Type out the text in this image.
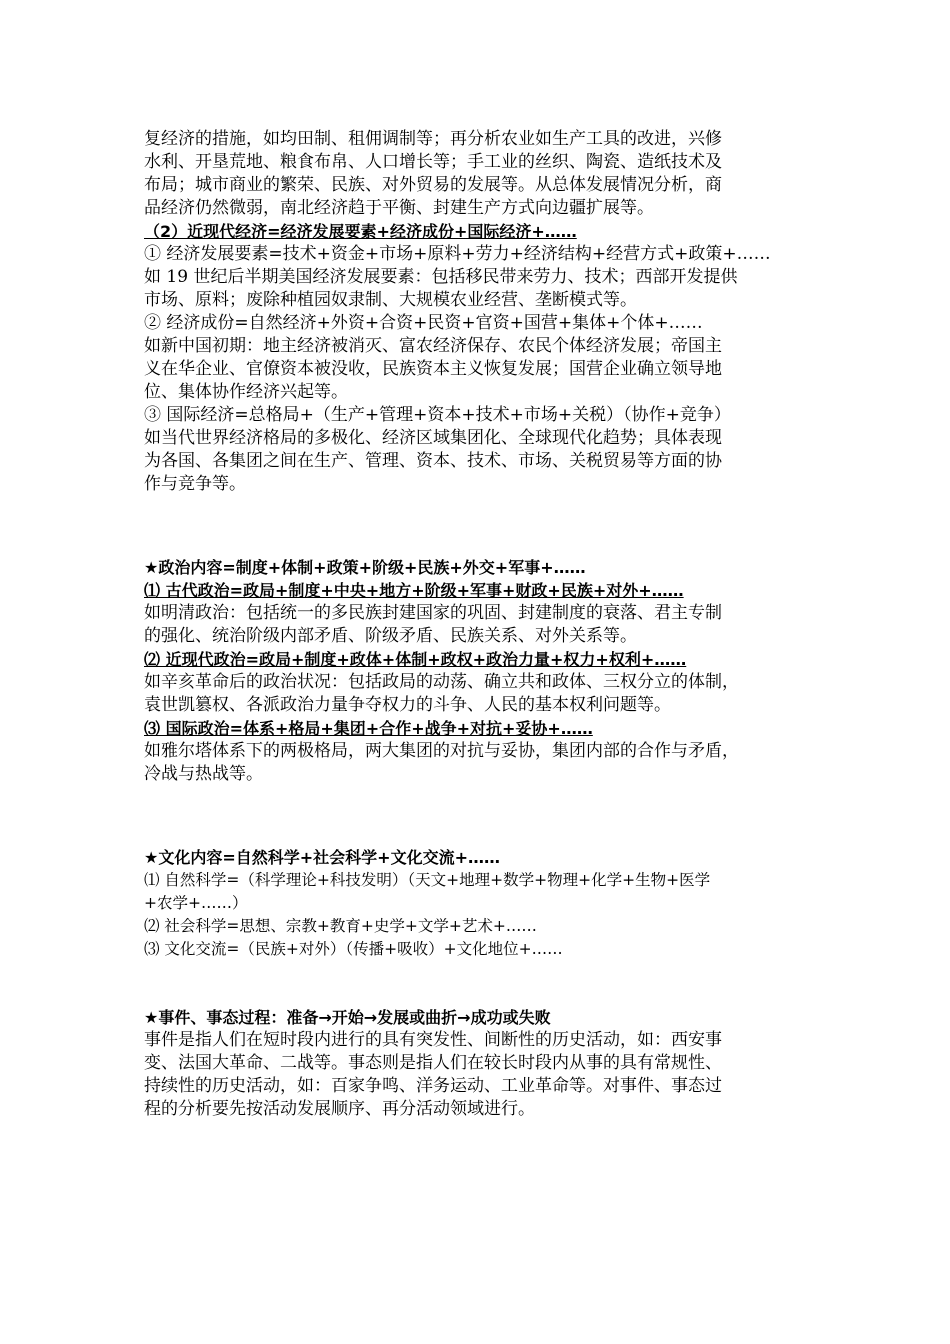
复经济的措施，如均田制、租佣调制等；再分析农业如生产工具的改进，兴修
水利、开垦荒地、粮食布帛、人口增长等；手工业的丝织、陶瓷、造纸技术及
布局；城市商业的繁荣、民族、对外贸易的发展等。从总体发展情况分析，商
品经济仍然微弱，南北经济趋于平衡、封建生产方式向边疆扩展等。
（2）近现代经济=经济发展要素+经济成份+国际经济+……
① 经济发展要素=技术+资金+市场+原料+劳力+经济结构+经营方式+政策+……
如 19 世纪后半期美国经济发展要素：包括移民带来劳力、技术；西部开发提供
市场、原料；废除种植园奴隶制、大规模农业经营、垄断模式等。
② 经济成份=自然经济+外资+合资+民资+官资+国营+集体+个体+……
如新中国初期：地主经济被消灭、富农经济保存、农民个体经济发展；帝国主
义在华企业、官僚资本被没收，民族资本主义恢复发展；国营企业确立领导地
位、集体协作经济兴起等。
③ 国际经济=总格局+（生产+管理+资本+技术+市场+关税）（协作+竞争）
如当代世界经济格局的多极化、经济区域集团化、全球现代化趋势；具体表现
为各国、各集团之间在生产、管理、资本、技术、市场、关税贸易等方面的协
作与竞争等。
★政治内容=制度+体制+政策+阶级+民族+外交+军事+……
⑴ 古代政治=政局+制度+中央+地方+阶级+军事+财政+民族+对外+……
如明清政治：包括统一的多民族封建国家的巩固、封建制度的衰落、君主专制
的强化、统治阶级内部矛盾、阶级矛盾、民族关系、对外关系等。
⑵ 近现代政治=政局+制度+政体+体制+政权+政治力量+权力+权利+……
如辛亥革命后的政治状况：包括政局的动荡、确立共和政体、三权分立的体制，
袁世凯篡权、各派政治力量争夺权力的斗争、人民的基本权利问题等。
⑶ 国际政治=体系+格局+集团+合作+战争+对抗+妥协+……
如雅尔塔体系下的两极格局，两大集团的对抗与妥协，集团内部的合作与矛盾，
冷战与热战等。
★文化内容=自然科学+社会科学+文化交流+……
⑴ 自然科学=（科学理论+科技发明）（天文+地理+数学+物理+化学+生物+医学
+农学+……）
⑵ 社会科学=思想、宗教+教育+史学+文学+艺术+……
⑶ 文化交流=（民族+对外）（传播+吸收）+文化地位+……
★事件、事态过程：准备→开始→发展或曲折→成功或失败
事件是指人们在短时段内进行的具有突发性、间断性的历史活动，如：西安事
变、法国大革命、二战等。事态则是指人们在较长时段内从事的具有常规性、
持续性的历史活动，如：百家争鸣、洋务运动、工业革命等。对事件、事态过
程的分析要先按活动发展顺序、再分活动领域进行。
